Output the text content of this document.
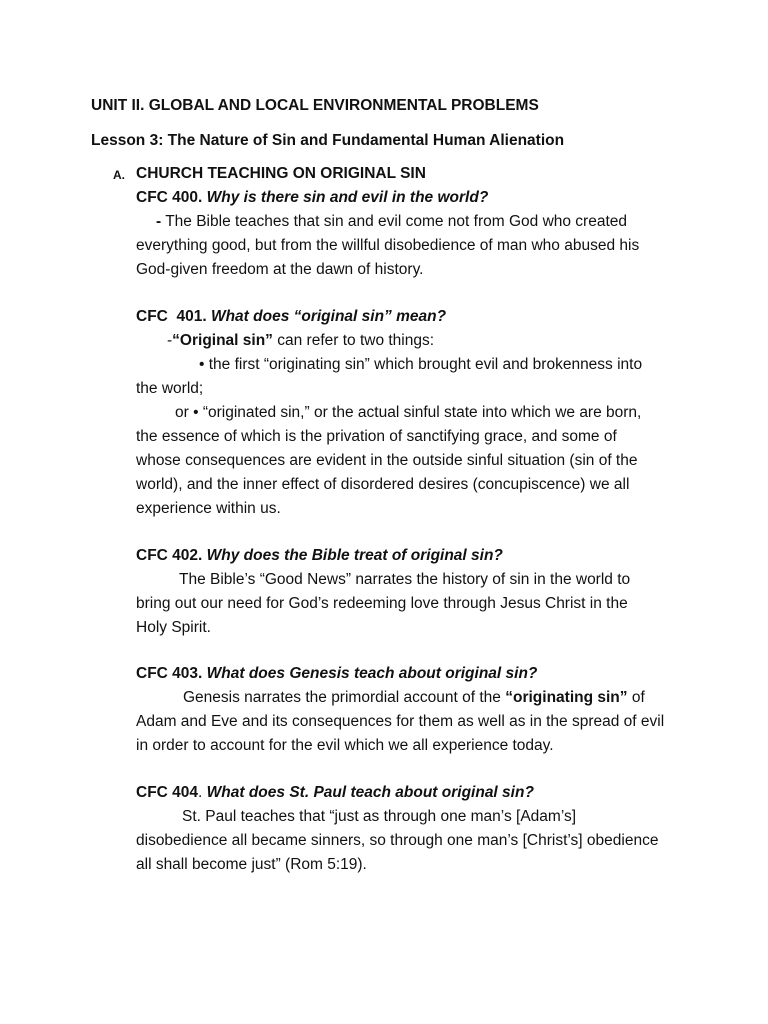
UNIT II. GLOBAL AND LOCAL ENVIRONMENTAL PROBLEMS
Lesson 3: The Nature of Sin and Fundamental Human Alienation
A. CHURCH TEACHING ON ORIGINAL SIN
CFC 400. Why is there sin and evil in the world?
- The Bible teaches that sin and evil come not from God who created
everything good, but from the willful disobedience of man who abused his
God-given freedom at the dawn of history.
CFC  401. What does “original sin” mean?
-“Original sin” can refer to two things:
• the first “originating sin” which brought evil and brokenness into
the world;
or • “originated sin,” or the actual sinful state into which we are born,
the essence of which is the privation of sanctifying grace, and some of
whose consequences are evident in the outside sinful situation (sin of the
world), and the inner effect of disordered desires (concupiscence) we all
experience within us.
CFC 402. Why does the Bible treat of original sin?
The Bible’s “Good News” narrates the history of sin in the world to
bring out our need for God’s redeeming love through Jesus Christ in the
Holy Spirit.
CFC 403. What does Genesis teach about original sin?
Genesis narrates the primordial account of the “originating sin” of
Adam and Eve and its consequences for them as well as in the spread of evil
in order to account for the evil which we all experience today.
CFC 404. What does St. Paul teach about original sin?
St. Paul teaches that “just as through one man’s [Adam’s]
disobedience all became sinners, so through one man’s [Christ’s] obedience
all shall become just” (Rom 5:19).
